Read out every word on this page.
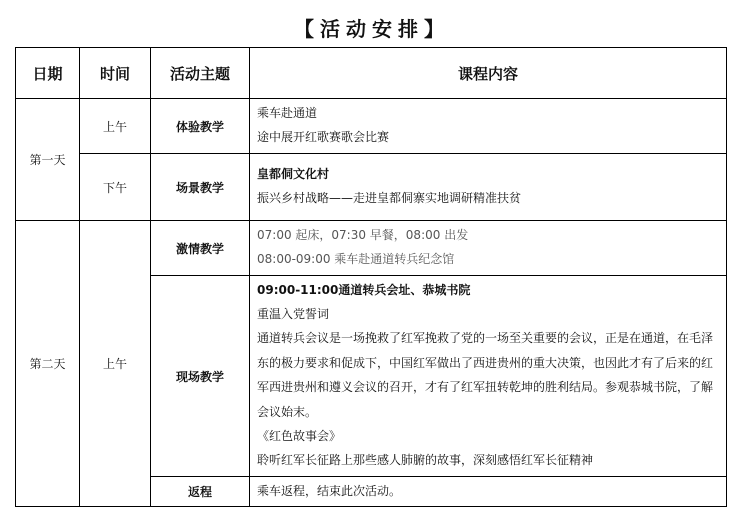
【活动安排】
日期	时间	活动主题	课程内容
第一天	上午	体验教学	乘车赴通道
途中展开红歌赛歌会比赛

	下午	场景教学	皇都侗文化村
振兴乡村战略——走进皇都侗寨实地调研精准扶贫

第二天	上午	激情教学	07:00 起床，07:30 早餐，08:00 出发
08:00-09:00 乘车赴通道转兵纪念馆

		现场教学	09:00-11:00通道转兵会址、恭城书院
重温入党誓词
通道转兵会议是一场挽救了红军挽救了党的一场至关重要的会议，正是在通道，在毛泽东的极力要求和促成下，中国红军做出了西进贵州的重大决策，也因此才有了后来的红军西进贵州和遵义会议的召开，才有了红军扭转乾坤的胜利结局。参观恭城书院，了解会议始末。
《红色故事会》
聆听红军长征路上那些感人肺腑的故事，深刻感悟红军长征精神

		返程	乘车返程，结束此次活动。
